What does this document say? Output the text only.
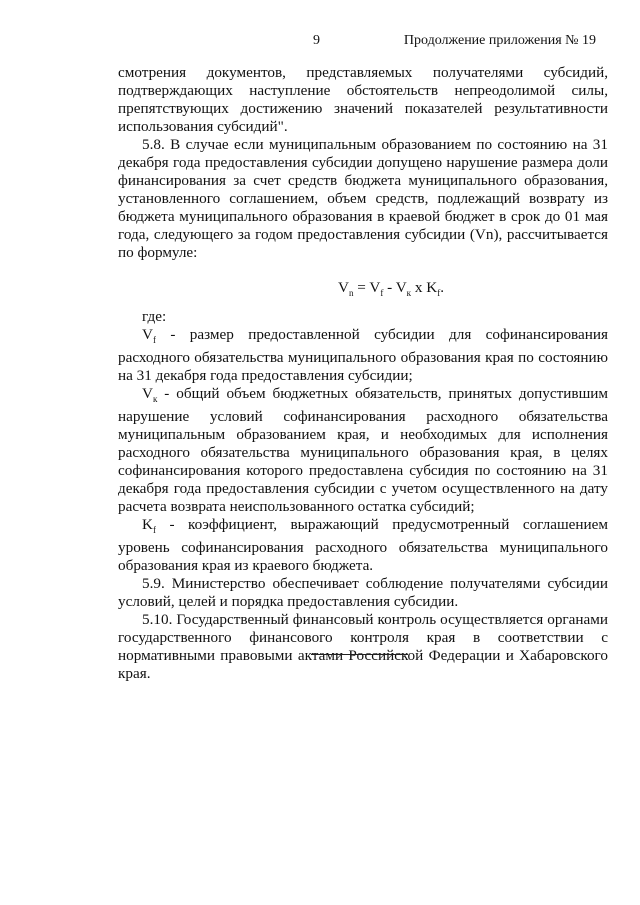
9	Продолжение приложения № 19

смотрения документов, представляемых получателями субсидий, подтверждающих наступление обстоятельств непреодолимой силы, препятствующих достижению значений показателей результативности использования субсидий".

5.8. В случае если муниципальным образованием по состоянию на 31 декабря года предоставления субсидии допущено нарушение размера доли финансирования за счет средств бюджета муниципального образования, установленного соглашением, объем средств, подлежащий возврату из бюджета муниципального образования в краевой бюджет в срок до 01 мая года, следующего за годом предоставления субсидии (Vn), рассчитывается по формуле:

$V_n = V_f - V_к$ x $K_f$.

где:

$V_f$ - размер предоставленной субсидии для софинансирования расходного обязательства муниципального образования края по состоянию на 31 декабря года предоставления субсидии;

$V_к$ - общий объем бюджетных обязательств, принятых допустившим нарушение условий софинансирования расходного обязательства муниципальным образованием края, и необходимых для исполнения расходного обязательства муниципального образования края, в целях софинансирования которого предоставлена субсидия по состоянию на 31 декабря года предоставления субсидии с учетом осуществленного на дату расчета возврата неиспользованного остатка субсидий;

$K_f$ - коэффициент, выражающий предусмотренный соглашением уровень софинансирования расходного обязательства муниципального образования края из краевого бюджета.

5.9. Министерство обеспечивает соблюдение получателями субсидии условий, целей и порядка предоставления субсидии.

5.10. Государственный финансовый контроль осуществляется органами государственного финансового контроля края в соответствии с нормативными правовыми актами Российской Федерации и Хабаровского края.
